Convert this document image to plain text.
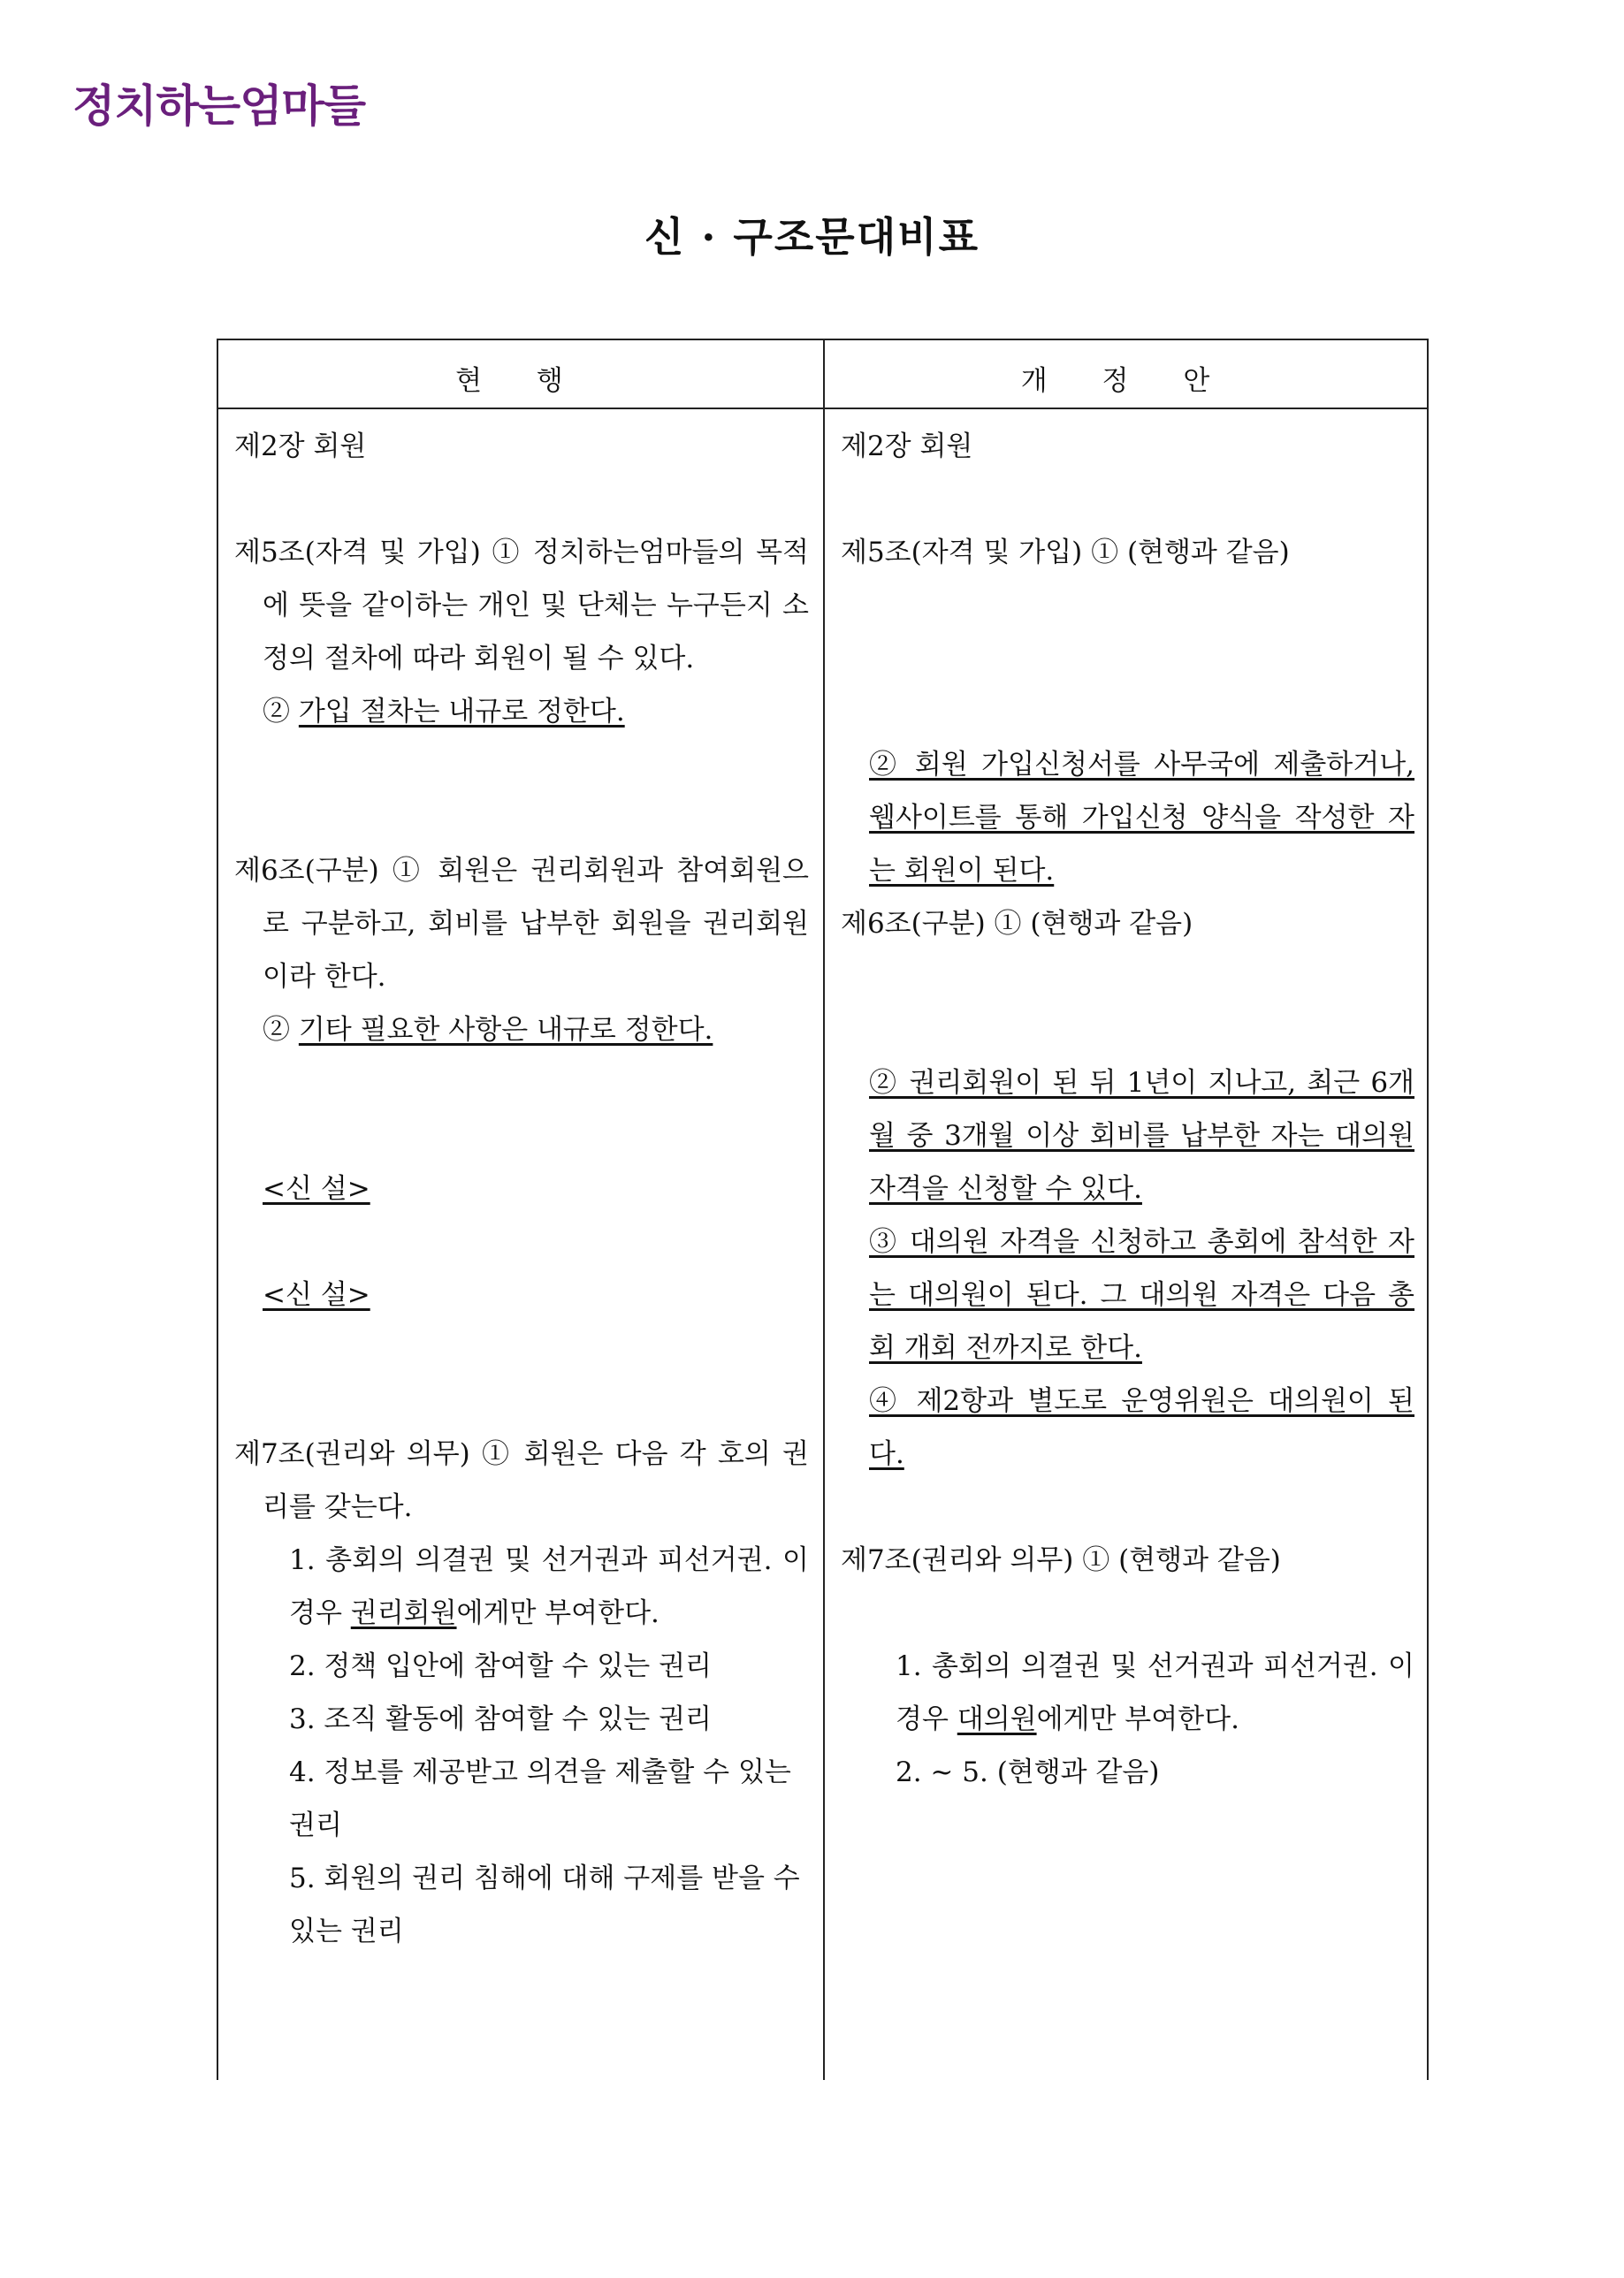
정치하는엄마들
신 · 구조문대비표
현 행	개 정 안

제2장 회원

제5조(자격 및 가입) ① 정치하는엄마들의 목적에 뜻을 같이하는 개인 및 단체는 누구든지 소정의 절차에 따라 회원이 될 수 있다.

② 가입 절차는 내규로 정한다.

제6조(구분) ① 회원은 권리회원과 참여회원으로 구분하고, 회비를 납부한 회원을 권리회원이라 한다.

② 기타 필요한 사항은 내규로 정한다.

<신 설>

<신 설>

제7조(권리와 의무) ① 회원은 다음 각 호의 권리를 갖는다.

1. 총회의 의결권 및 선거권과 피선거권. 이 경우 권리회원에게만 부여한다.

2. 정책 입안에 참여할 수 있는 권리

3. 조직 활동에 참여할 수 있는 권리

4. 정보를 제공받고 의견을 제출할 수 있는 권리

5. 회원의 권리 침해에 대해 구제를 받을 수 있는 권리

제2장 회원

제5조(자격 및 가입) ① (현행과 같음)

② 회원 가입신청서를 사무국에 제출하거나, 웹사이트를 통해 가입신청 양식을 작성한 자는 회원이 된다.

제6조(구분) ① (현행과 같음)

② 권리회원이 된 뒤 1년이 지나고, 최근 6개월 중 3개월 이상 회비를 납부한 자는 대의원 자격을 신청할 수 있다.

③ 대의원 자격을 신청하고 총회에 참석한 자는 대의원이 된다. 그 대의원 자격은 다음 총회 개회 전까지로 한다.

④ 제2항과 별도로 운영위원은 대의원이 된다.

제7조(권리와 의무) ① (현행과 같음)

1. 총회의 의결권 및 선거권과 피선거권. 이 경우 대의원에게만 부여한다.

2. ~ 5. (현행과 같음)
